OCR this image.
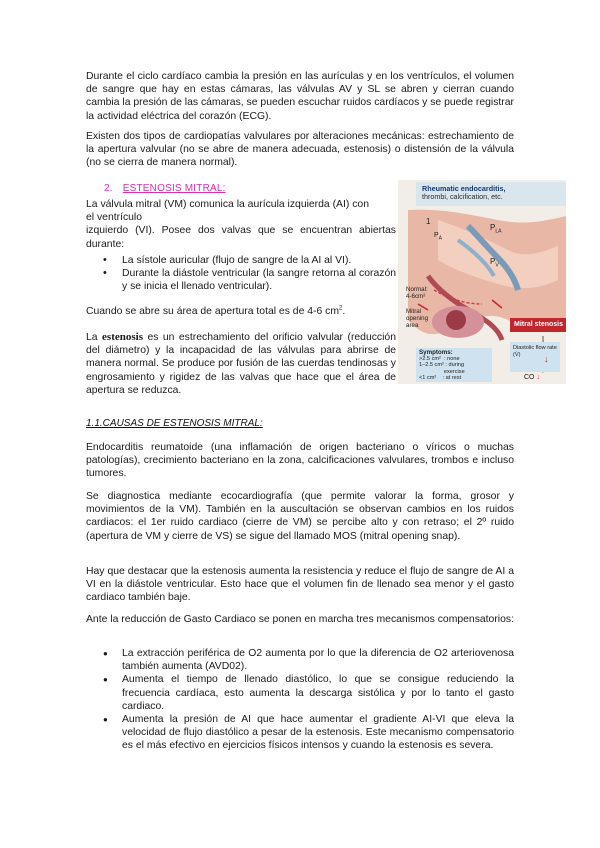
Durante el ciclo cardíaco cambia la presión en las aurículas y en los ventrículos, el volumen de sangre que hay en estas cámaras, las válvulas AV y SL se abren y cierran cuando cambia la presión de las cámaras, se pueden escuchar ruidos cardíacos y se puede registrar la actividad eléctrica del corazón (ECG).

Existen dos tipos de cardiopatías valvulares por alteraciones mecánicas: estrechamiento de la apertura valvular (no se abre de manera adecuada, estenosis) o distensión de la válvula (no se cierra de manera normal).

2. ESTENOSIS MITRAL:

La válvula mitral (VM) comunica la aurícula izquierda (AI) con

el ventrículo

izquierdo (VI). Posee dos valvas que se encuentran abiertas durante:

• La sístole auricular (flujo de sangre de la AI al VI).
• Durante la diástole ventricular (la sangre retorna al corazón y se inicia el llenado ventricular).

Cuando se abre su área de apertura total es de 4-6 $cm^2$.

La estenosis es un estrechamiento del orificio valvular (reducción del diámetro) y la incapacidad de las válvulas para abrirse de manera normal. Se produce por fusión de las cuerdas tendinosas y engrosamiento y rigidez de las valvas que hace que el área de apertura se reduzca.

Rheumatic endocarditis,
thrombi, calcification, etc.
1
$P_{LA}$
$P_A$
$P_V$
Normal:
4-6cm²
Mitral opening area	Mitral stenosis
Symptoms:
>2.5 cm²  : none
1–2.5 cm² : during
exercise
<1 cm²    : at rest
Diastolic flow rate (V̇)	↓
CO ↓
1.1.CAUSAS DE ESTENOSIS MITRAL:

Endocarditis reumatoide (una inflamación de origen bacteriano o víricos o muchas patologías), crecimiento bacteriano en la zona, calcificaciones valvulares, trombos e incluso tumores.

Se diagnostica mediante ecocardiografía (que permite valorar la forma, grosor y movimientos de la VM). También en la auscultación se observan cambios en los ruidos cardiacos: el 1er ruido cardiaco (cierre de VM) se percibe alto y con retraso; el 2º ruido (apertura de VM y cierre de VS) se sigue del llamado MOS (mitral opening snap).

Hay que destacar que la estenosis aumenta la resistencia y reduce el flujo de sangre de AI a VI en la diástole ventricular. Esto hace que el volumen fin de llenado sea menor y el gasto cardiaco también baje.

Ante la reducción de Gasto Cardiaco se ponen en marcha tres mecanismos compensatorios:

● La extracción periférica de O2 aumenta por lo que la diferencia de O2 arteriovenosa también aumenta (AVD02).
● Aumenta el tiempo de llenado diastólico, lo que se consigue reduciendo la frecuencia cardíaca, esto aumenta la descarga sistólica y por lo tanto el gasto cardiaco.
● Aumenta la presión de AI que hace aumentar el gradiente AI-VI que eleva la velocidad de flujo diastólico a pesar de la estenosis. Este mecanismo compensatorio es el más efectivo en ejercicios físicos intensos y cuando la estenosis es severa.
